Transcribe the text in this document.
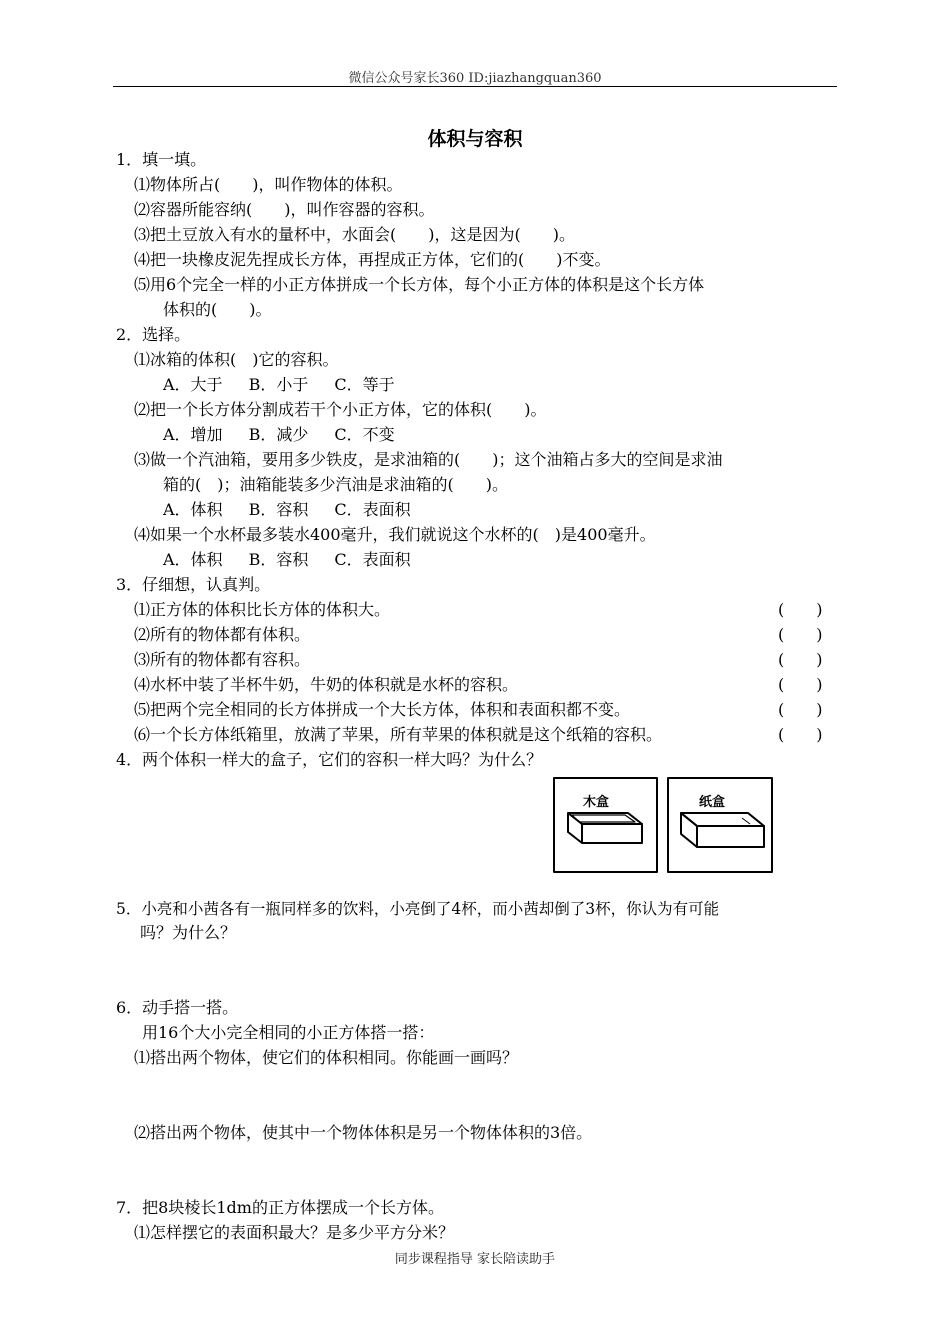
微信公众号家长360 ID:jiazhangquan360
体积与容积
1．填一填。
⑴物体所占(　　)，叫作物体的体积。
⑵容器所能容纳(　　)，叫作容器的容积。
⑶把土豆放入有水的量杯中，水面会(　　)，这是因为(　　)。
⑷把一块橡皮泥先捏成长方体，再捏成正方体，它们的(　　)不变。
⑸用6个完全一样的小正方体拼成一个长方体，每个小正方体的体积是这个长方体
体积的(　　)。
2．选择。
⑴冰箱的体积(　)它的容积。
A．大于 B．小于 C．等于
⑵把一个长方体分割成若干个小正方体，它的体积(　　)。
A．增加 B．减少 C．不变
⑶做一个汽油箱，要用多少铁皮，是求油箱的(　　)；这个油箱占多大的空间是求油
箱的(　)；油箱能装多少汽油是求油箱的(　　)。
A．体积 B．容积 C．表面积
⑷如果一个水杯最多装水400毫升，我们就说这个水杯的(　)是400毫升。
A．体积 B．容积 C．表面积
3．仔细想，认真判。
⑴正方体的体积比长方体的体积大。	(　　)
⑵所有的物体都有体积。	(　　)
⑶所有的物体都有容积。	(　　)
⑷水杯中装了半杯牛奶，牛奶的体积就是水杯的容积。	(　　)
⑸把两个完全相同的长方体拼成一个大长方体，体积和表面积都不变。	(　　)
⑹一个长方体纸箱里，放满了苹果，所有苹果的体积就是这个纸箱的容积。	(　　)
4．两个体积一样大的盒子，它们的容积一样大吗？为什么？
木盒	纸盒
5．小亮和小茜各有一瓶同样多的饮料，小亮倒了4杯，而小茜却倒了3杯，你认为有可能
吗？为什么？
6．动手搭一搭。
用16个大小完全相同的小正方体搭一搭：
⑴搭出两个物体，使它们的体积相同。你能画一画吗？
⑵搭出两个物体，使其中一个物体体积是另一个物体体积的3倍。
7．把8块棱长1dm的正方体摆成一个长方体。
⑴怎样摆它的表面积最大？是多少平方分米？
同步课程指导 家长陪读助手
